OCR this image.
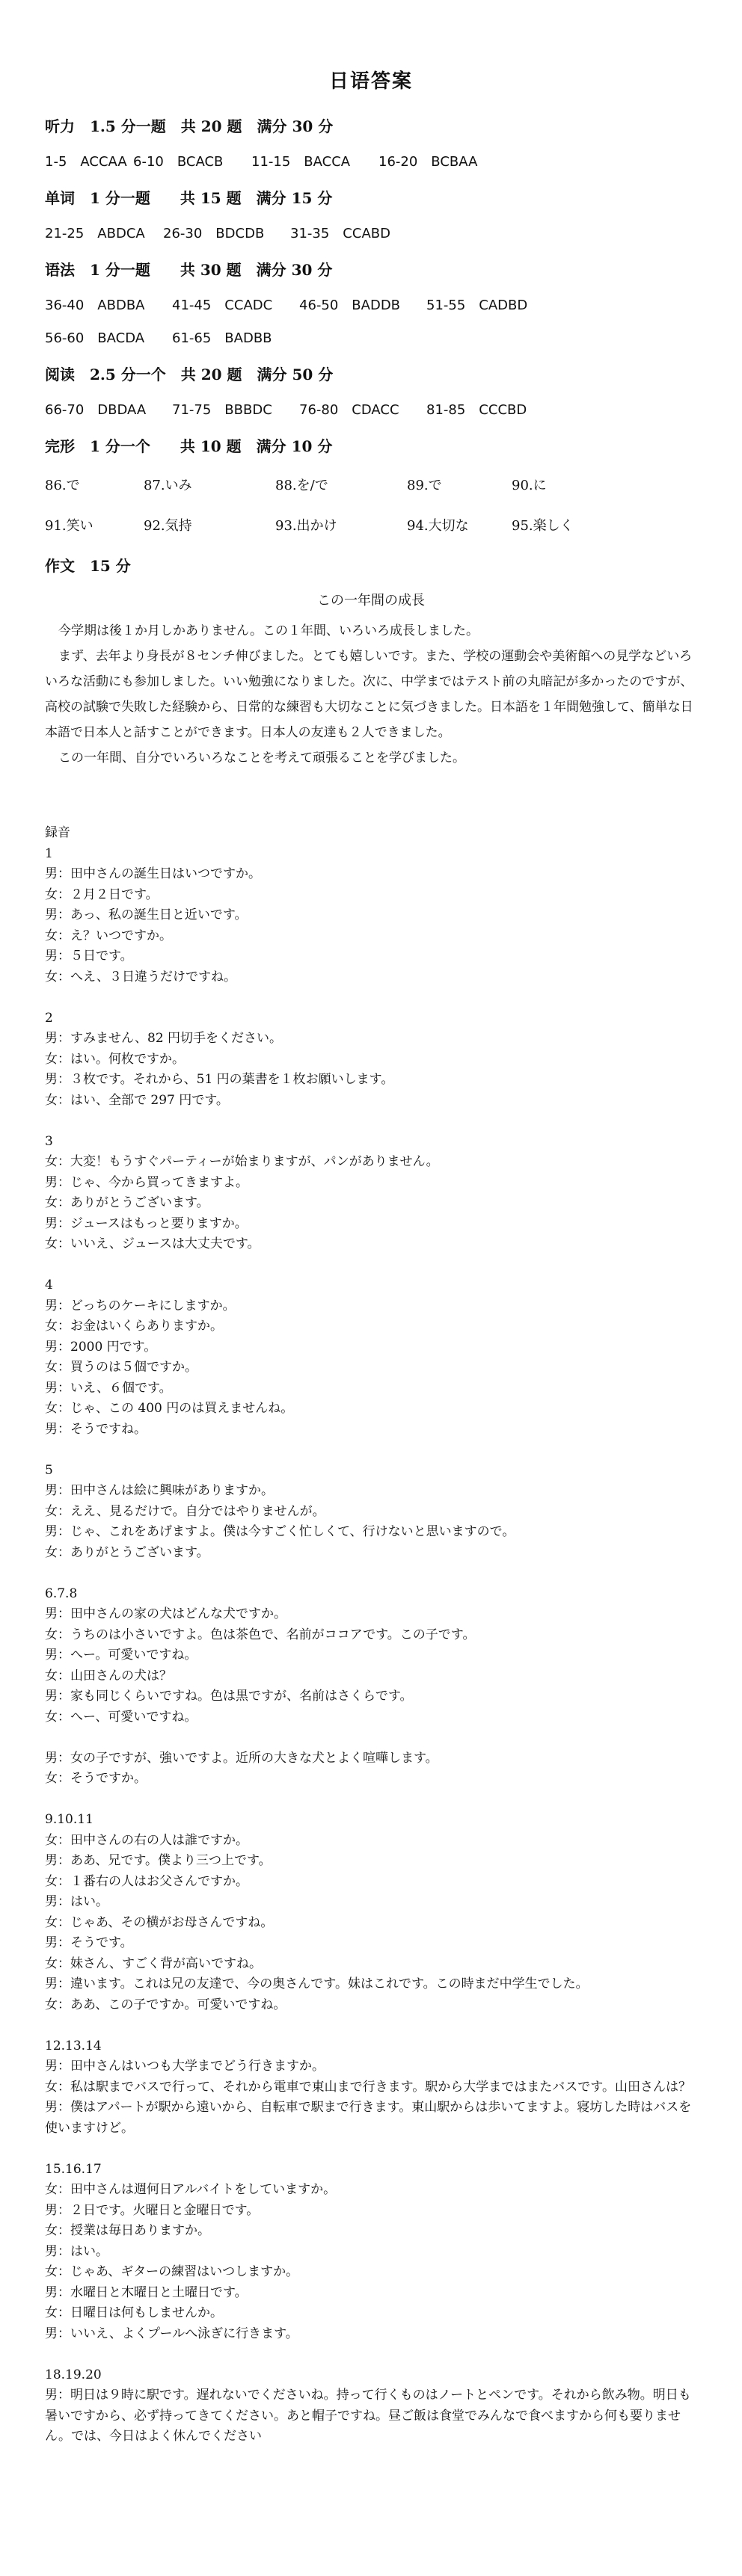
日语答案
听力　1.5 分一题　共 20 题　满分 30 分
1-5　ACCAA 6-10　BCACB	11-15　BACCA	16-20　BCBAA
单词　1 分一题　　共 15 题　满分 15 分
21-25　ABDCA	26-30　BDCDB	31-35　CCABD
语法　1 分一题　　共 30 题　满分 30 分
36-40　ABDBA	41-45　CCADC	46-50　BADDB	51-55　CADBD
56-60　BACDA	61-65　BADBB
阅读　2.5 分一个　共 20 题　满分 50 分
66-70　DBDAA	71-75　BBBDC	76-80　CDACC	81-85　CCCBD
完形　1 分一个　　共 10 题　满分 10 分
86.で	87.いみ	88.を/で	89.で	90.に
91.笑い	92.気持	93.出かけ	94.大切な	95.楽しく
作文　15 分
この一年間の成長

今学期は後１か月しかありません。この１年間、いろいろ成長しました。

まず、去年より身長が８センチ伸びました。とても嬉しいです。また、学校の運動会や美術館への見学などいろいろな活動にも参加しました。いい勉強になりました。次に、中学まではテスト前の丸暗記が多かったのですが、高校の試験で失敗した経験から、日常的な練習も大切なことに気づきました。日本語を１年間勉強して、簡単な日本語で日本人と話すことができます。日本人の友達も２人できました。

この一年間、自分でいろいろなことを考えて頑張ることを学びました。

録音
1
男：田中さんの誕生日はいつですか。
女：２月２日です。
男：あっ、私の誕生日と近いです。
女：え？いつですか。
男：５日です。
女：へえ、３日違うだけですね。
2
男：すみません、82 円切手をください。
女：はい。何枚ですか。
男：３枚です。それから、51 円の葉書を１枚お願いします。
女：はい、全部で 297 円です。
3
女：大変！もうすぐパーティーが始まりますが、パンがありません。
男：じゃ、今から買ってきますよ。
女：ありがとうございます。
男：ジュースはもっと要りますか。
女：いいえ、ジュースは大丈夫です。
4
男：どっちのケーキにしますか。
女：お金はいくらありますか。
男：2000 円です。
女：買うのは５個ですか。
男：いえ、６個です。
女：じゃ、この 400 円のは買えませんね。
男：そうですね。
5
男：田中さんは絵に興味がありますか。
女：ええ、見るだけで。自分ではやりませんが。
男：じゃ、これをあげますよ。僕は今すごく忙しくて、行けないと思いますので。
女：ありがとうございます。
6.7.8
男：田中さんの家の犬はどんな犬ですか。
女：うちのは小さいですよ。色は茶色で、名前がココアです。この子です。
男：へー。可愛いですね。
女：山田さんの犬は？
男：家も同じくらいですね。色は黒ですが、名前はさくらです。
女：へー、可愛いですね。
男：女の子ですが、強いですよ。近所の大きな犬とよく喧嘩します。
女：そうですか。
9.10.11
女：田中さんの右の人は誰ですか。
男：ああ、兄です。僕より三つ上です。
女：１番右の人はお父さんですか。
男：はい。
女：じゃあ、その横がお母さんですね。
男：そうです。
女：妹さん、すごく背が高いですね。
男：違います。これは兄の友達で、今の奥さんです。妹はこれです。この時まだ中学生でした。
女：ああ、この子ですか。可愛いですね。
12.13.14
男：田中さんはいつも大学までどう行きますか。
女：私は駅までバスで行って、それから電車で東山まで行きます。駅から大学まではまたバスです。山田さんは？
男：僕はアパートが駅から遠いから、自転車で駅まで行きます。東山駅からは歩いてますよ。寝坊した時はバスを使いますけど。
15.16.17
女：田中さんは週何日アルバイトをしていますか。
男：２日です。火曜日と金曜日です。
女：授業は毎日ありますか。
男：はい。
女：じゃあ、ギターの練習はいつしますか。
男：水曜日と木曜日と土曜日です。
女：日曜日は何もしませんか。
男：いいえ、よくプールへ泳ぎに行きます。
18.19.20
男：明日は９時に駅です。遅れないでくださいね。持って行くものはノートとペンです。それから飲み物。明日も暑いですから、必ず持ってきてください。あと帽子ですね。昼ご飯は食堂でみんなで食べますから何も要りません。では、今日はよく休んでください
